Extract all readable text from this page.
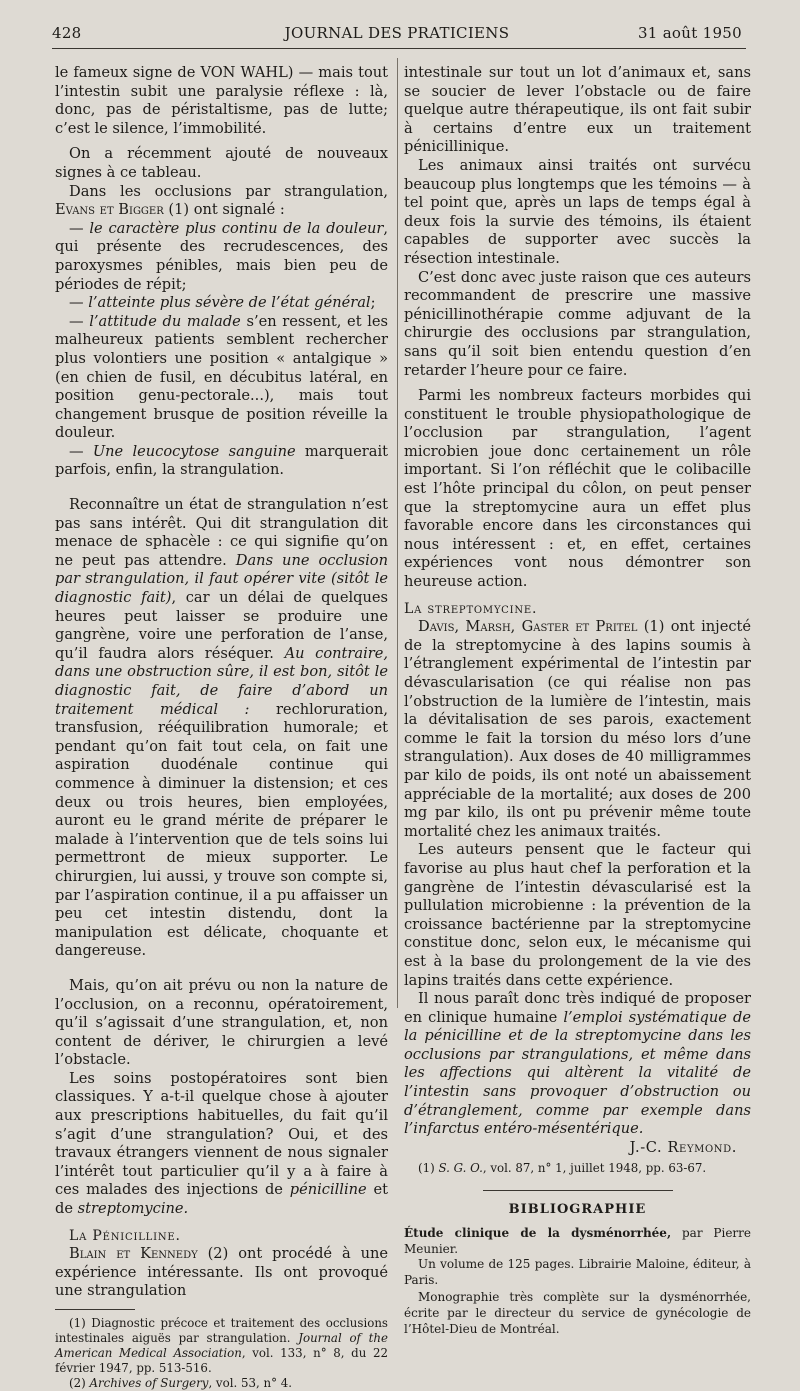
428	JOURNAL DES PRATICIENS	31 août 1950

le fameux signe de VON WAHL) — mais tout l’intestin subit une paralysie réflexe : là, donc, pas de péristaltisme, pas de lutte; c’est le silence, l’immobilité.

On a récemment ajouté de nouveaux signes à ce tableau.

Dans les occlusions par strangulation, Evans et Bigger (1) ont signalé :

— le caractère plus continu de la douleur, qui présente des recrudescences, des paroxysmes pénibles, mais bien peu de périodes de répit;

— l’atteinte plus sévère de l’état général;

— l’attitude du malade s’en ressent, et les malheureux patients semblent rechercher plus volontiers une position « antalgique » (en chien de fusil, en décubitus latéral, en position genu-pectorale...), mais tout changement brusque de position réveille la douleur.

— Une leucocytose sanguine marquerait parfois, enfin, la strangulation.

Reconnaître un état de strangulation n’est pas sans intérêt. Qui dit strangulation dit menace de sphacèle : ce qui signifie qu’on ne peut pas attendre. Dans une occlusion par strangulation, il faut opérer vite (sitôt le diagnostic fait), car un délai de quelques heures peut laisser se produire une gangrène, voire une perforation de l’anse, qu’il faudra alors réséquer. Au contraire, dans une obstruction sûre, il est bon, sitôt le diagnostic fait, de faire d’abord un traitement médical : rechloruration, transfusion, rééquilibration humorale; et pendant qu’on fait tout cela, on fait une aspiration duodénale continue qui commence à diminuer la distension; et ces deux ou trois heures, bien employées, auront eu le grand mérite de préparer le malade à l’intervention que de tels soins lui permettront de mieux supporter. Le chirurgien, lui aussi, y trouve son compte si, par l’aspiration continue, il a pu affaisser un peu cet intestin distendu, dont la manipulation est délicate, choquante et dangereuse.

Mais, qu’on ait prévu ou non la nature de l’occlusion, on a reconnu, opératoirement, qu’il s’agissait d’une strangulation, et, non content de dériver, le chirurgien a levé l’obstacle.

Les soins postopératoires sont bien classiques. Y a-t-il quelque chose à ajouter aux prescriptions habituelles, du fait qu’il s’agit d’une strangulation? Oui, et des travaux étrangers viennent de nous signaler l’intérêt tout particulier qu’il y a à faire à ces malades des injections de pénicilline et de streptomycine.

La Pénicilline.

Blain et Kennedy (2) ont procédé à une expérience intéressante. Ils ont provoqué une strangulation

(1) Diagnostic précoce et traitement des occlusions intestinales aiguës par strangulation. Journal of the American Medical Association, vol. 133, n° 8, du 22 février 1947, pp. 513-516.

(2) Archives of Surgery, vol. 53, n° 4.

intestinale sur tout un lot d’animaux et, sans se soucier de lever l’obstacle ou de faire quelque autre thérapeutique, ils ont fait subir à certains d’entre eux un traitement pénicillinique.

Les animaux ainsi traités ont survécu beaucoup plus longtemps que les témoins — à tel point que, après un laps de temps égal à deux fois la survie des témoins, ils étaient capables de supporter avec succès la résection intestinale.

C’est donc avec juste raison que ces auteurs recommandent de prescrire une massive pénicillinothérapie comme adjuvant de la chirurgie des occlusions par strangulation, sans qu’il soit bien entendu question d’en retarder l’heure pour ce faire.

Parmi les nombreux facteurs morbides qui constituent le trouble physiopathologique de l’occlusion par strangulation, l’agent microbien joue donc certainement un rôle important. Si l’on réfléchit que le colibacille est l’hôte principal du côlon, on peut penser que la streptomycine aura un effet plus favorable encore dans les circonstances qui nous intéressent : et, en effet, certaines expériences vont nous démontrer son heureuse action.

La streptomycine.

Davis, Marsh, Gaster et Pritel (1) ont injecté de la streptomycine à des lapins soumis à l’étranglement expérimental de l’intestin par dévascularisation (ce qui réalise non pas l’obstruction de la lumière de l’intestin, mais la dévitalisation de ses parois, exactement comme le fait la torsion du méso lors d’une strangulation). Aux doses de 40 milligrammes par kilo de poids, ils ont noté un abaissement appréciable de la mortalité; aux doses de 200 mg par kilo, ils ont pu prévenir même toute mortalité chez les animaux traités.

Les auteurs pensent que le facteur qui favorise au plus haut chef la perforation et la gangrène de l’intestin dévascularisé est la pullulation microbienne : la prévention de la croissance bactérienne par la streptomycine constitue donc, selon eux, le mécanisme qui est à la base du prolongement de la vie des lapins traités dans cette expérience.

Il nous paraît donc très indiqué de proposer en clinique humaine l’emploi systématique de la pénicilline et de la streptomycine dans les occlusions par strangulations, et même dans les affections qui altèrent la vitalité de l’intestin sans provoquer d’obstruction ou d’étranglement, comme par exemple dans l’infarctus entéro-mésentérique.

J.-C. Reymond.

(1) S. G. O., vol. 87, n° 1, juillet 1948, pp. 63-67.

BIBLIOGRAPHIE

Étude clinique de la dysménorrhée, par Pierre Meunier.

Un volume de 125 pages. Librairie Maloine, éditeur, à Paris.

Monographie très complète sur la dysménorrhée, écrite par le directeur du service de gynécologie de l’Hôtel-Dieu de Montréal.
